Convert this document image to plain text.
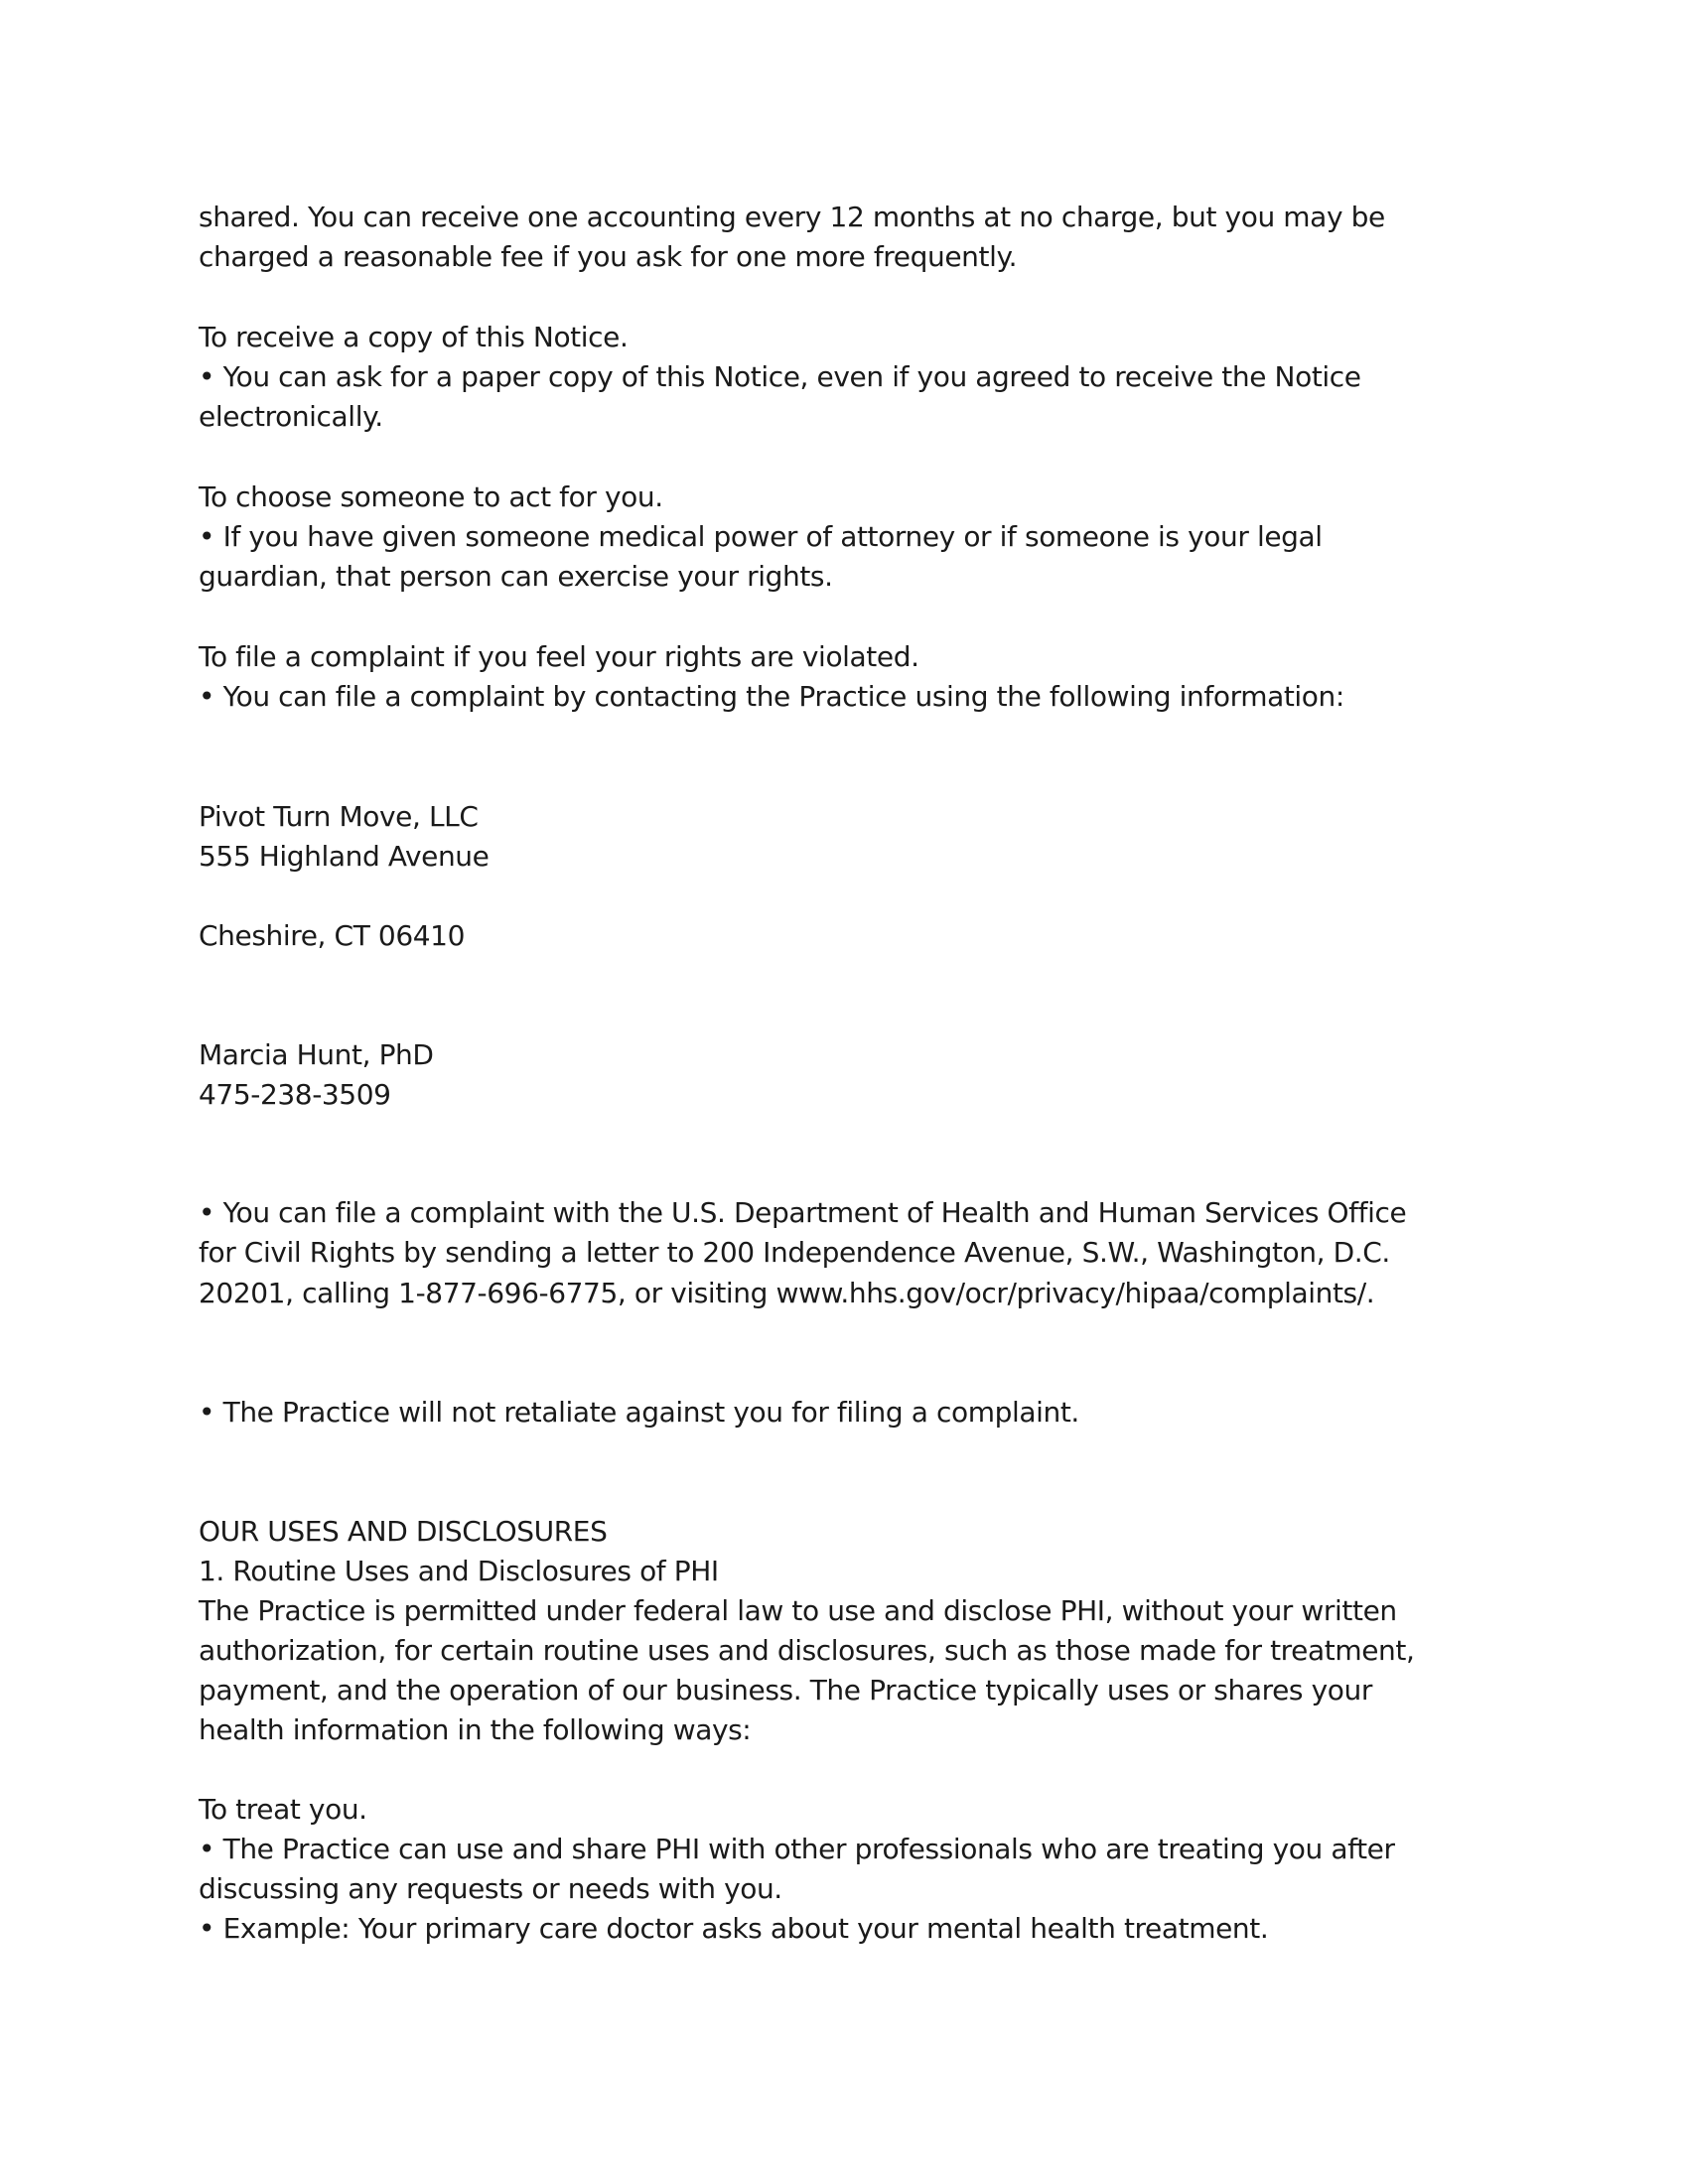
shared. You can receive one accounting every 12 months at no charge, but you may be

charged a reasonable fee if you ask for one more frequently.

To receive a copy of this Notice.

• You can ask for a paper copy of this Notice, even if you agreed to receive the Notice

electronically.

To choose someone to act for you.

• If you have given someone medical power of attorney or if someone is your legal

guardian, that person can exercise your rights.

To file a complaint if you feel your rights are violated.

• You can file a complaint by contacting the Practice using the following information:

Pivot Turn Move, LLC

555 Highland Avenue

Cheshire, CT 06410

Marcia Hunt, PhD

475-238-3509

• You can file a complaint with the U.S. Department of Health and Human Services Office

for Civil Rights by sending a letter to 200 Independence Avenue, S.W., Washington, D.C.

20201, calling 1-877-696-6775, or visiting www.hhs.gov/ocr/privacy/hipaa/complaints/.

• The Practice will not retaliate against you for filing a complaint.

OUR USES AND DISCLOSURES

1. Routine Uses and Disclosures of PHI

The Practice is permitted under federal law to use and disclose PHI, without your written

authorization, for certain routine uses and disclosures, such as those made for treatment,

payment, and the operation of our business. The Practice typically uses or shares your

health information in the following ways:

To treat you.

• The Practice can use and share PHI with other professionals who are treating you after

discussing any requests or needs with you.

• Example: Your primary care doctor asks about your mental health treatment.
